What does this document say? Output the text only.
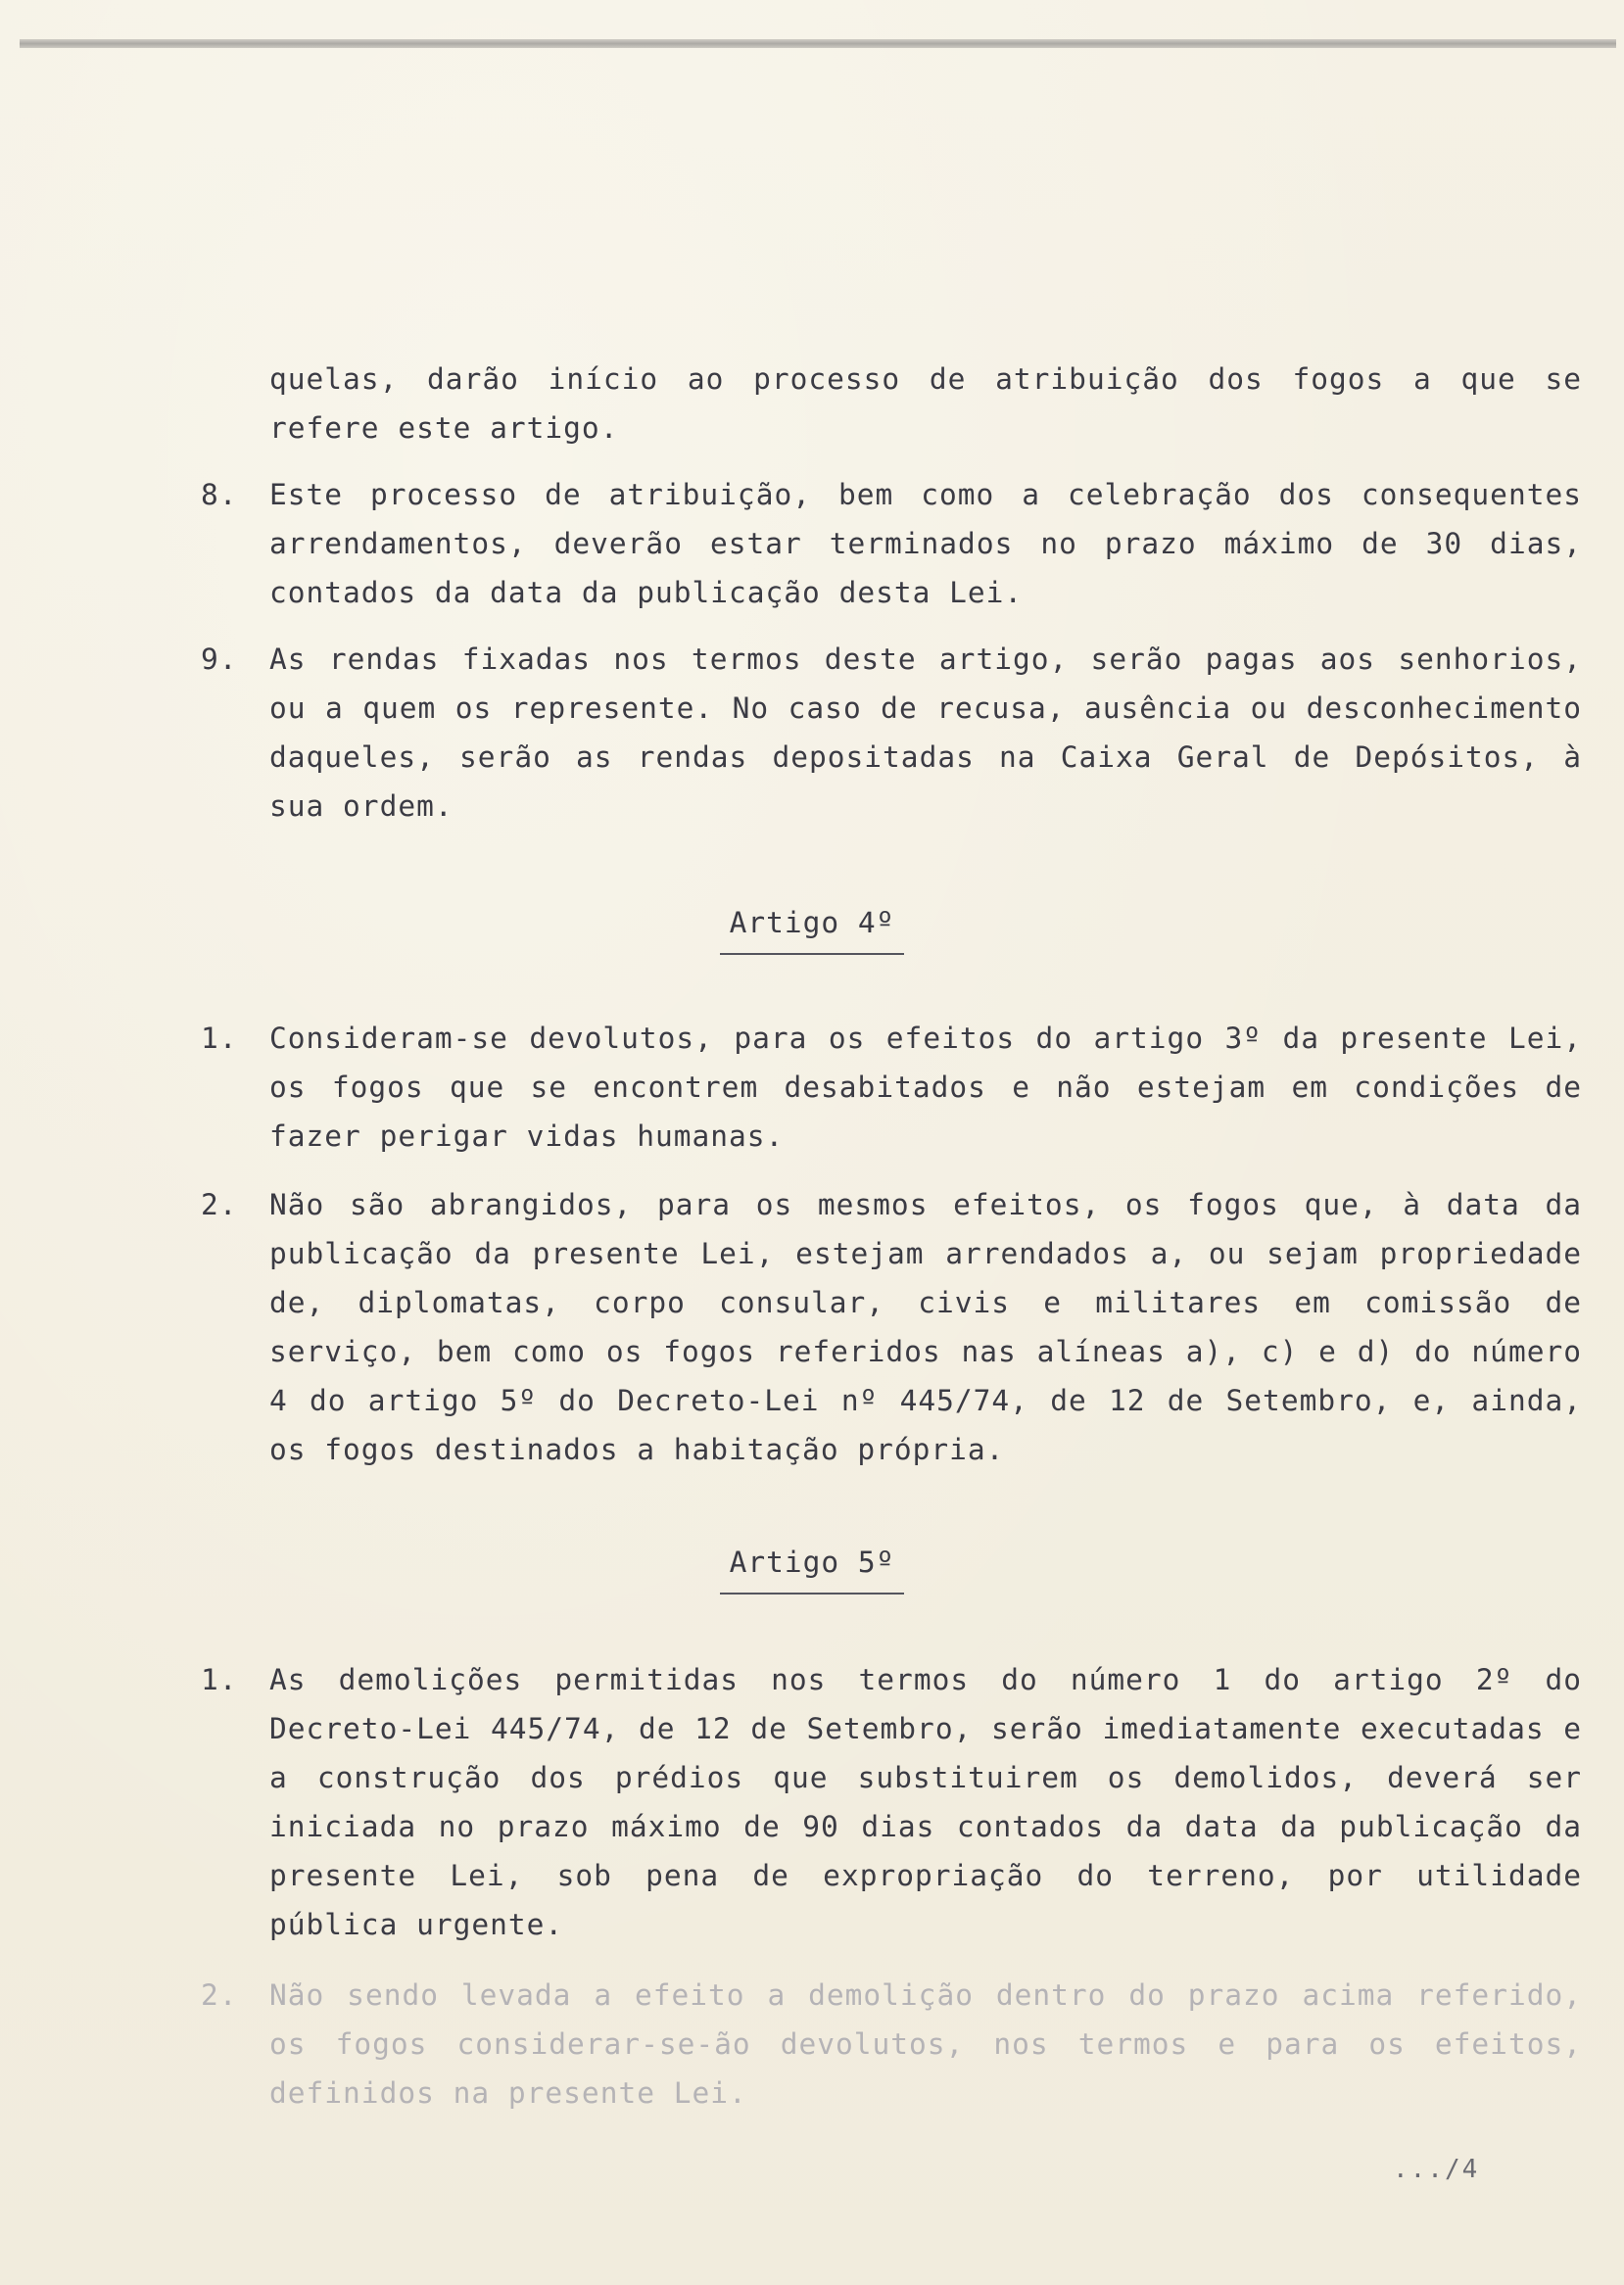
quelas, darão início ao processo de atribuição dos fogos a que se refere este artigo.
8. Este processo de atribuição, bem como a celebração dos consequentes arrendamentos, deverão estar terminados no prazo máximo de 30 dias, contados da data da publicação desta Lei.
9. As rendas fixadas nos termos deste artigo, serão pagas aos senhorios, ou a quem os represente. No caso de recusa, ausência ou desconhecimento daqueles, serão as rendas depositadas na Caixa Geral de Depósitos, à sua ordem.
Artigo 4º
1. Consideram-se devolutos, para os efeitos do artigo 3º da presente Lei, os fogos que se encontrem desabitados e não estejam em condições de fazer perigar vidas humanas.
2. Não são abrangidos, para os mesmos efeitos, os fogos que, à data da publicação da presente Lei, estejam arrendados a, ou sejam propriedade de, diplomatas, corpo consular, civis e militares em comissão de serviço, bem como os fogos referidos nas alíneas a), c) e d) do número 4 do artigo 5º do Decreto-Lei nº 445/74, de 12 de Setembro, e, ainda, os fogos destinados a habitação própria.
Artigo 5º
1. As demolições permitidas nos termos do número 1 do artigo 2º do Decreto-Lei 445/74, de 12 de Setembro, serão imediatamente executadas e a construção dos prédios que substituirem os demolidos, deverá ser iniciada no prazo máximo de 90 dias contados da data da publicação da presente Lei, sob pena de expropriação do terreno, por utilidade pública urgente.
2. Não sendo levada a efeito a demolição dentro do prazo acima referido, os fogos considerar-se-ão devolutos, nos termos e para os efeitos, definidos na presente Lei.
.../4
